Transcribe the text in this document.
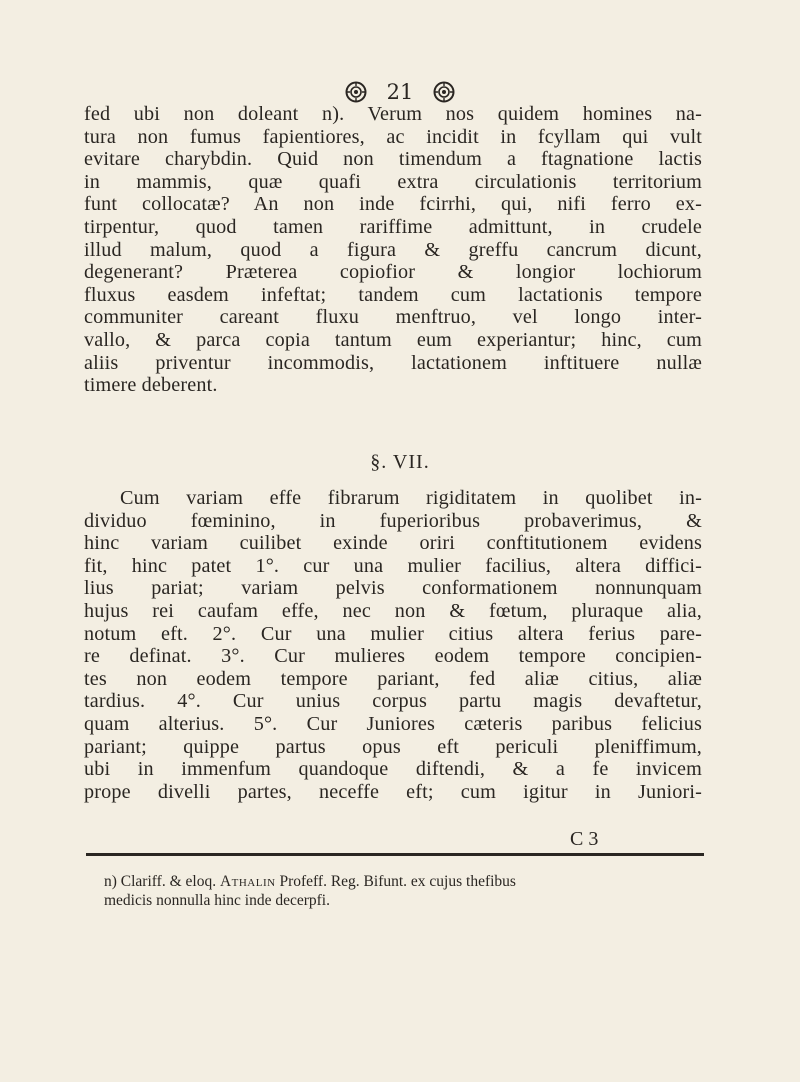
21
fed ubi non doleant n). Verum nos quidem homines na-
tura non fumus fapientiores, ac incidit in fcyllam qui vult
evitare charybdin. Quid non timendum a ftagnatione lactis
in mammis, quæ quafi extra circulationis territorium
funt collocatæ? An non inde fcirrhi, qui, nifi ferro ex-
tirpentur, quod tamen rariffime admittunt, in crudele
illud malum, quod a figura & greffu cancrum dicunt,
degenerant? Præterea copiofior & longior lochiorum
fluxus easdem infeftat; tandem cum lactationis tempore
communiter careant fluxu menftruo, vel longo inter-
vallo, & parca copia tantum eum experiantur; hinc, cum
aliis priventur incommodis, lactationem inftituere nullæ
timere deberent.
§. VII.
Cum variam effe fibrarum rigiditatem in quolibet in-
dividuo fœminino, in fuperioribus probaverimus, &
hinc variam cuilibet exinde oriri conftitutionem evidens
fit, hinc patet 1°. cur una mulier facilius, altera diffici-
lius pariat; variam pelvis conformationem nonnunquam
hujus rei caufam effe, nec non & fœtum, pluraque alia,
notum eft. 2°. Cur una mulier citius altera ferius pare-
re definat. 3°. Cur mulieres eodem tempore concipien-
tes non eodem tempore pariant, fed aliæ citius, aliæ
tardius. 4°. Cur unius corpus partu magis devaftetur,
quam alterius. 5°. Cur Juniores cæteris paribus felicius
pariant; quippe partus opus eft periculi pleniffimum,
ubi in immenfum quandoque diftendi, & a fe invicem
prope divelli partes, neceffe eft; cum igitur in Juniori-
C 3
n) Clariff. & eloq. Athalin Profeff. Reg. Bifunt. ex cujus thefibus
medicis nonnulla hinc inde decerpfi.
